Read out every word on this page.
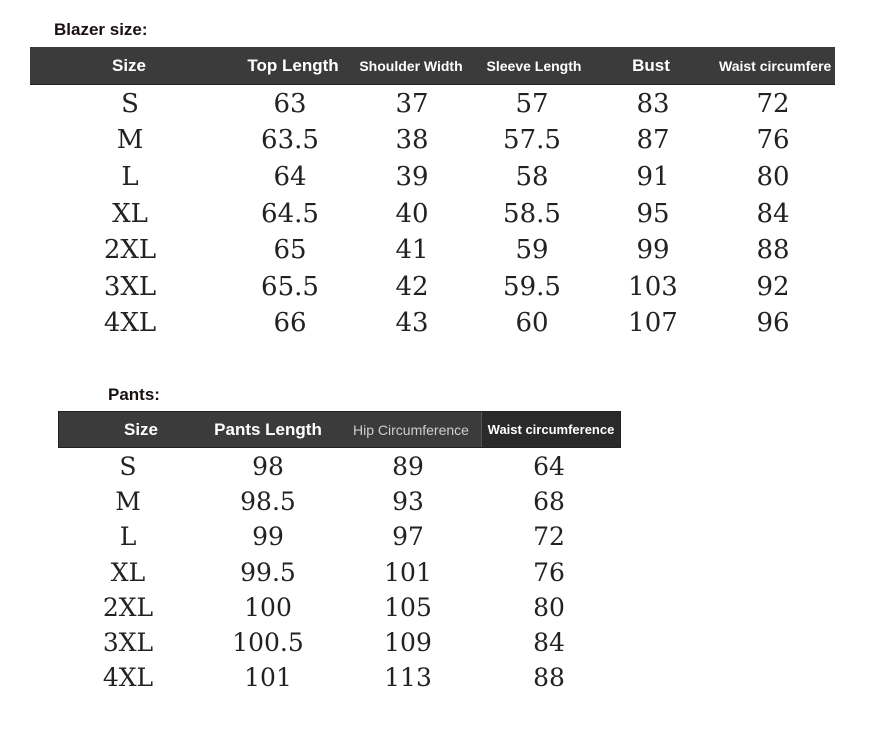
Blazer size:
Size	Top Length	Shoulder Width	Sleeve Length	Bust	Waist circumfere
S	63	37	57	83	72
M	63.5	38	57.5	87	76
L	64	39	58	91	80
XL	64.5	40	58.5	95	84
2XL	65	41	59	99	88
3XL	65.5	42	59.5	103	92
4XL	66	43	60	107	96
Pants:
Size	Pants Length	Hip Circumference	Waist circumference
S	98	89	64
M	98.5	93	68
L	99	97	72
XL	99.5	101	76
2XL	100	105	80
3XL	100.5	109	84
4XL	101	113	88
